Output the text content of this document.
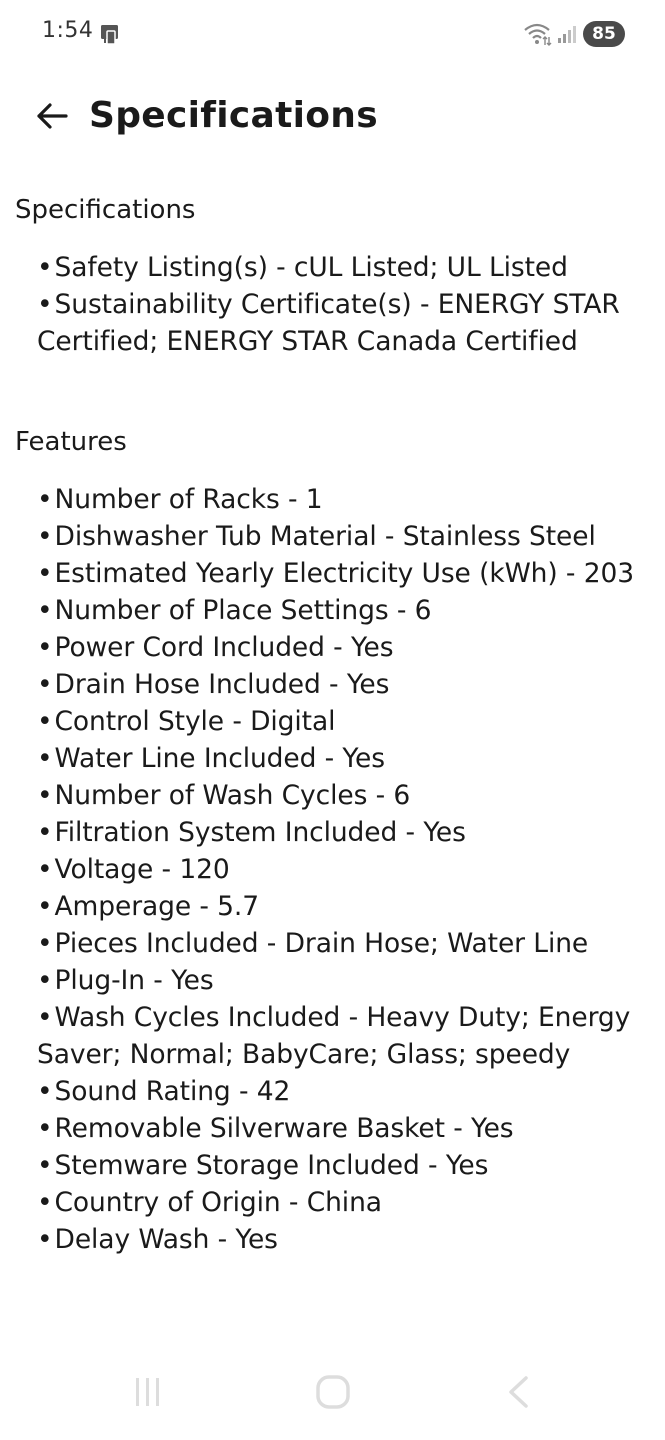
1:54	85
Specifications
Specifications
• Safety Listing(s) - cUL Listed; UL Listed
• Sustainability Certificate(s) - ENERGY STAR Certified; ENERGY STAR Canada Certified
Features
• Number of Racks - 1
• Dishwasher Tub Material - Stainless Steel
• Estimated Yearly Electricity Use (kWh) - 203
• Number of Place Settings - 6
• Power Cord Included - Yes
• Drain Hose Included - Yes
• Control Style - Digital
• Water Line Included - Yes
• Number of Wash Cycles - 6
• Filtration System Included - Yes
• Voltage - 120
• Amperage - 5.7
• Pieces Included - Drain Hose; Water Line
• Plug-In - Yes
• Wash Cycles Included - Heavy Duty; Energy Saver; Normal; BabyCare; Glass; speedy
• Sound Rating - 42
• Removable Silverware Basket - Yes
• Stemware Storage Included - Yes
• Country of Origin - China
• Delay Wash - Yes
